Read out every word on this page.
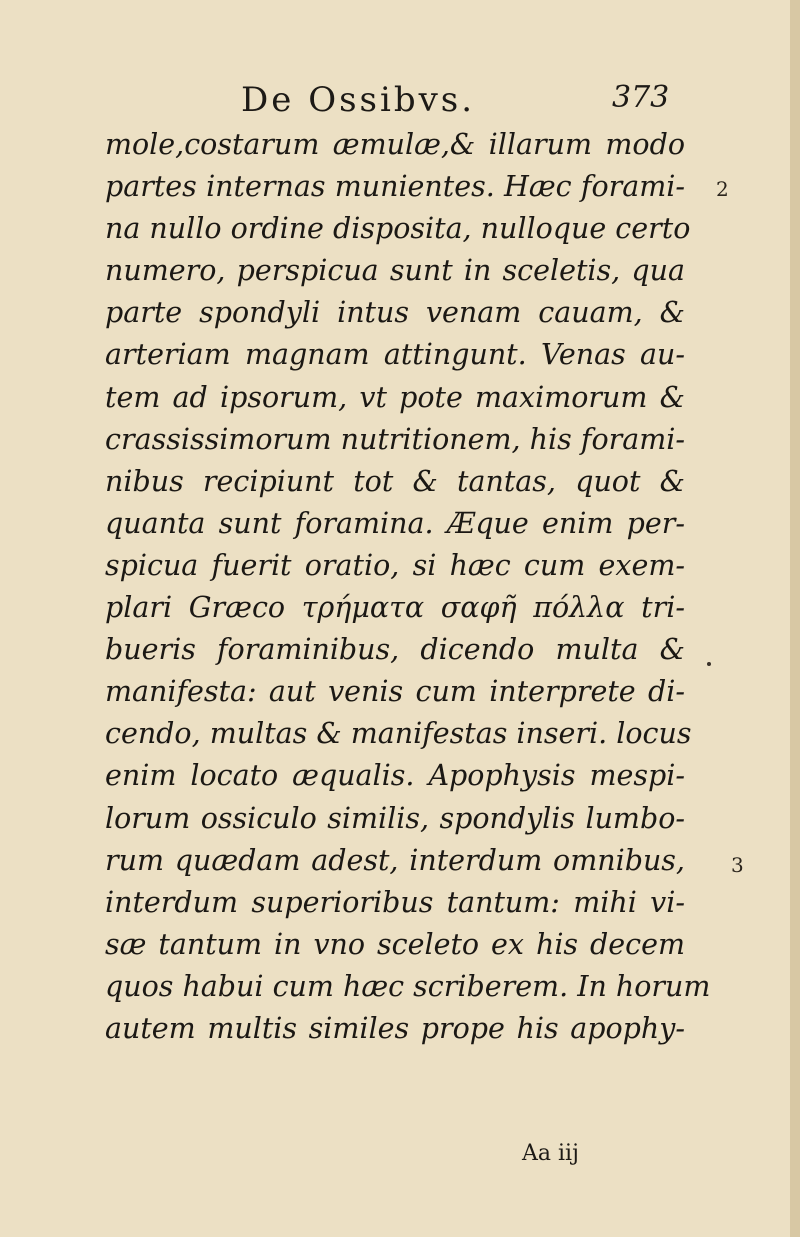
De Ossibvs.	373
mole,costarum æmulæ,& illarum modo
partes internas munientes. Hæc forami-
na nullo ordine disposita, nulloque certo
numero, perspicua sunt in sceletis, qua
parte spondyli intus venam cauam, &
arteriam magnam attingunt. Venas au-
tem ad ipsorum, vt pote maximorum &
crassissimorum nutritionem, his forami-
nibus recipiunt tot & tantas, quot &
quanta sunt foramina. Æque enim per-
spicua fuerit oratio, si hæc cum exem-
plari Græco τρήματα σαφῆ πόλλα tri-
bueris foraminibus, dicendo multa &
manifesta: aut venis cum interprete di-
cendo, multas & manifestas inseri. locus
enim locato æqualis. Apophysis mespi-
lorum ossiculo similis, spondylis lumbo-
rum quædam adest, interdum omnibus,
interdum superioribus tantum: mihi vi-
sæ tantum in vno sceleto ex his decem
quos habui cum hæc scriberem. In horum
autem multis similes prope his apophy-
Aa iij
2
3
